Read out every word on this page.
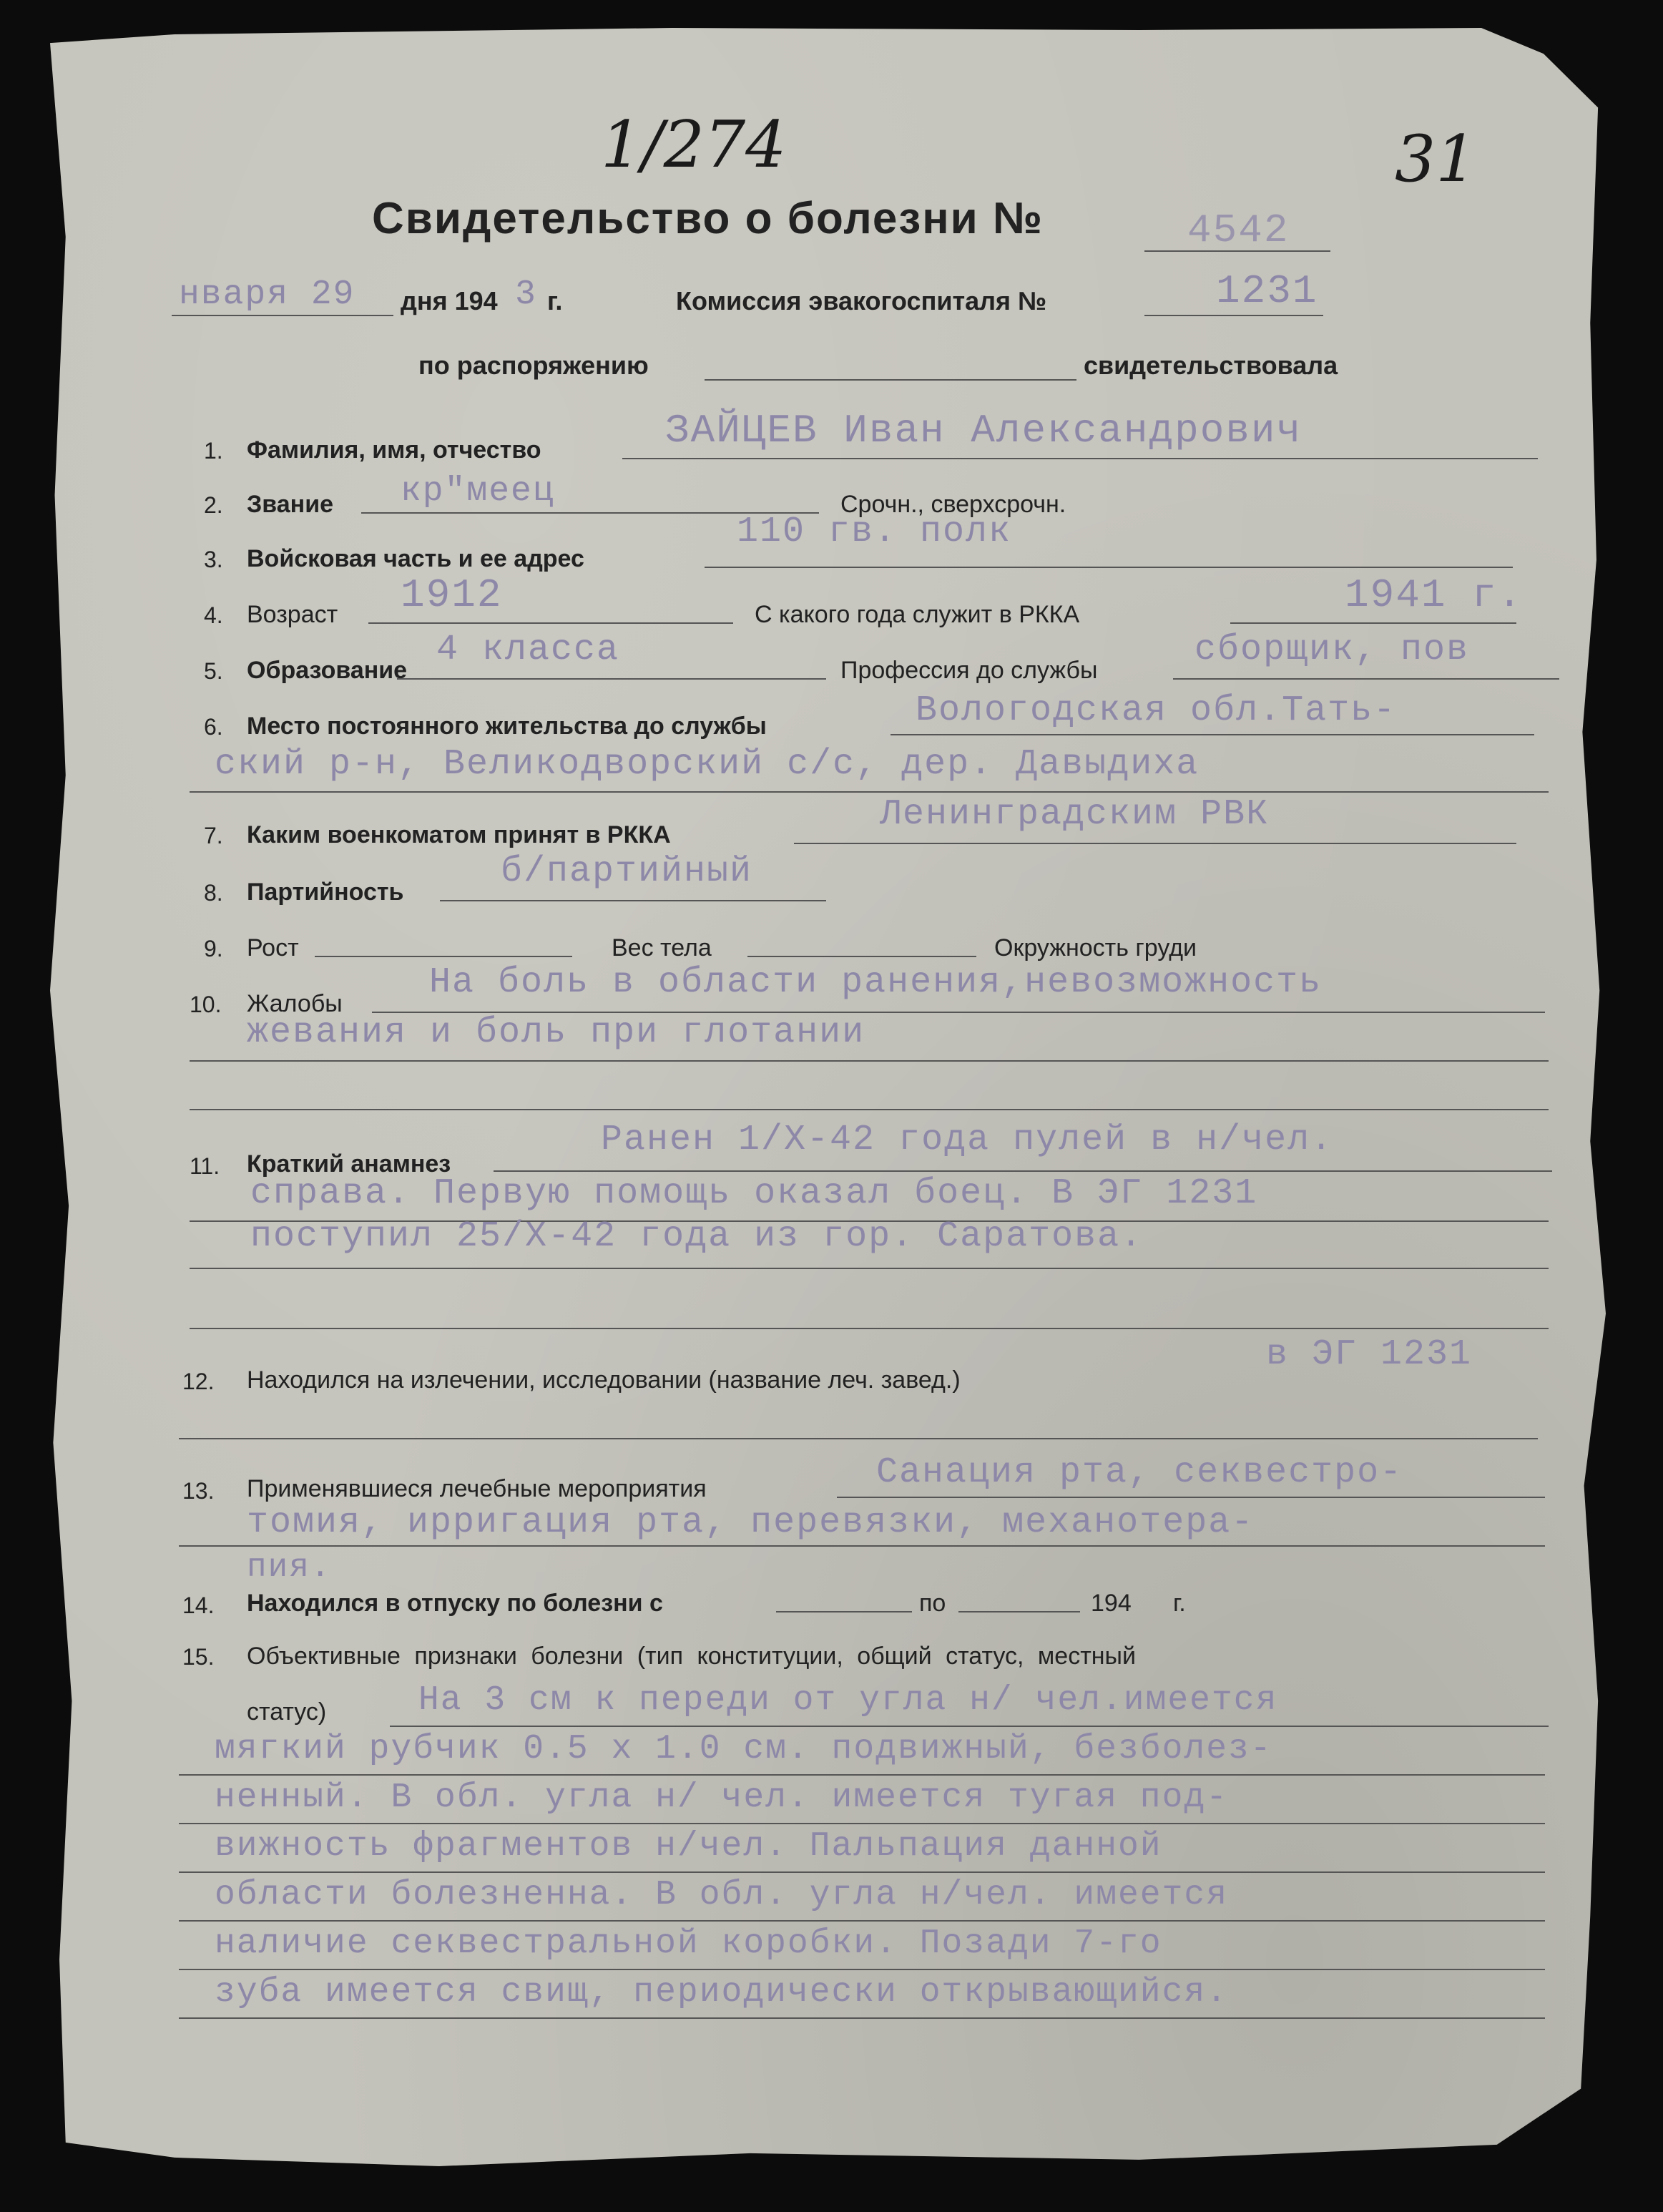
1/274	31
Свидетельство о болезни №	4542
нваря 29 дня 194 3 г.	Комиссия эвакогоспиталя №	1231
по распоряжению	свидетельствовала
1. Фамилия, имя, отчество	ЗАЙЦЕВ Иван Александрович
2. Звание кр"меец	Срочн., сверхсрочн.
3. Войсковая часть и ее адрес
110 гв. полк
4. Возраст 1912	С какого года служит в РККА	1941 г.
5. Образование 4 класса	Профессия до службы	сборщик, пов
6. Место постоянного жительства до службы	Вологодская обл.Тать-
ский р-н, Великодворский с/с, дер. Давыдиха
7. Каким военкоматом принят в РККА	Ленинградским РВК
8. Партийность	б/партийный
9. Рост	Вес тела	Окружность груди
10. Жалобы
На боль в области ранения,невозможность
жевания и боль при глотании
11. Краткий анамнез
Ранен 1/X-42 года пулей в н/чел.
справа. Первую помощь оказал боец. В ЭГ 1231
поступил 25/X-42 года из гор. Саратова.
12. Находился на излечении, исследовании (название леч. завед.)
в ЭГ 1231
13. Применявшиеся лечебные мероприятия	Санация рта, секвестро-
томия, ирригация рта, перевязки, механотера-
пия.
14. Находился в отпуску по болезни с	по	194 г.
15. Объективные признаки болезни (тип конституции, общий статус, местный
статус)	На 3 см к переди от угла н/ чел.имеется
мягкий рубчик 0.5 х 1.0 см. подвижный, безболез-
ненный. В обл. угла н/ чел. имеется тугая под-
вижность фрагментов н/чел. Пальпация данной
области болезненна. В обл. угла н/чел. имеется
наличие секвестральной коробки. Позади 7-го
зуба имеется свищ, периодически открывающийся.
